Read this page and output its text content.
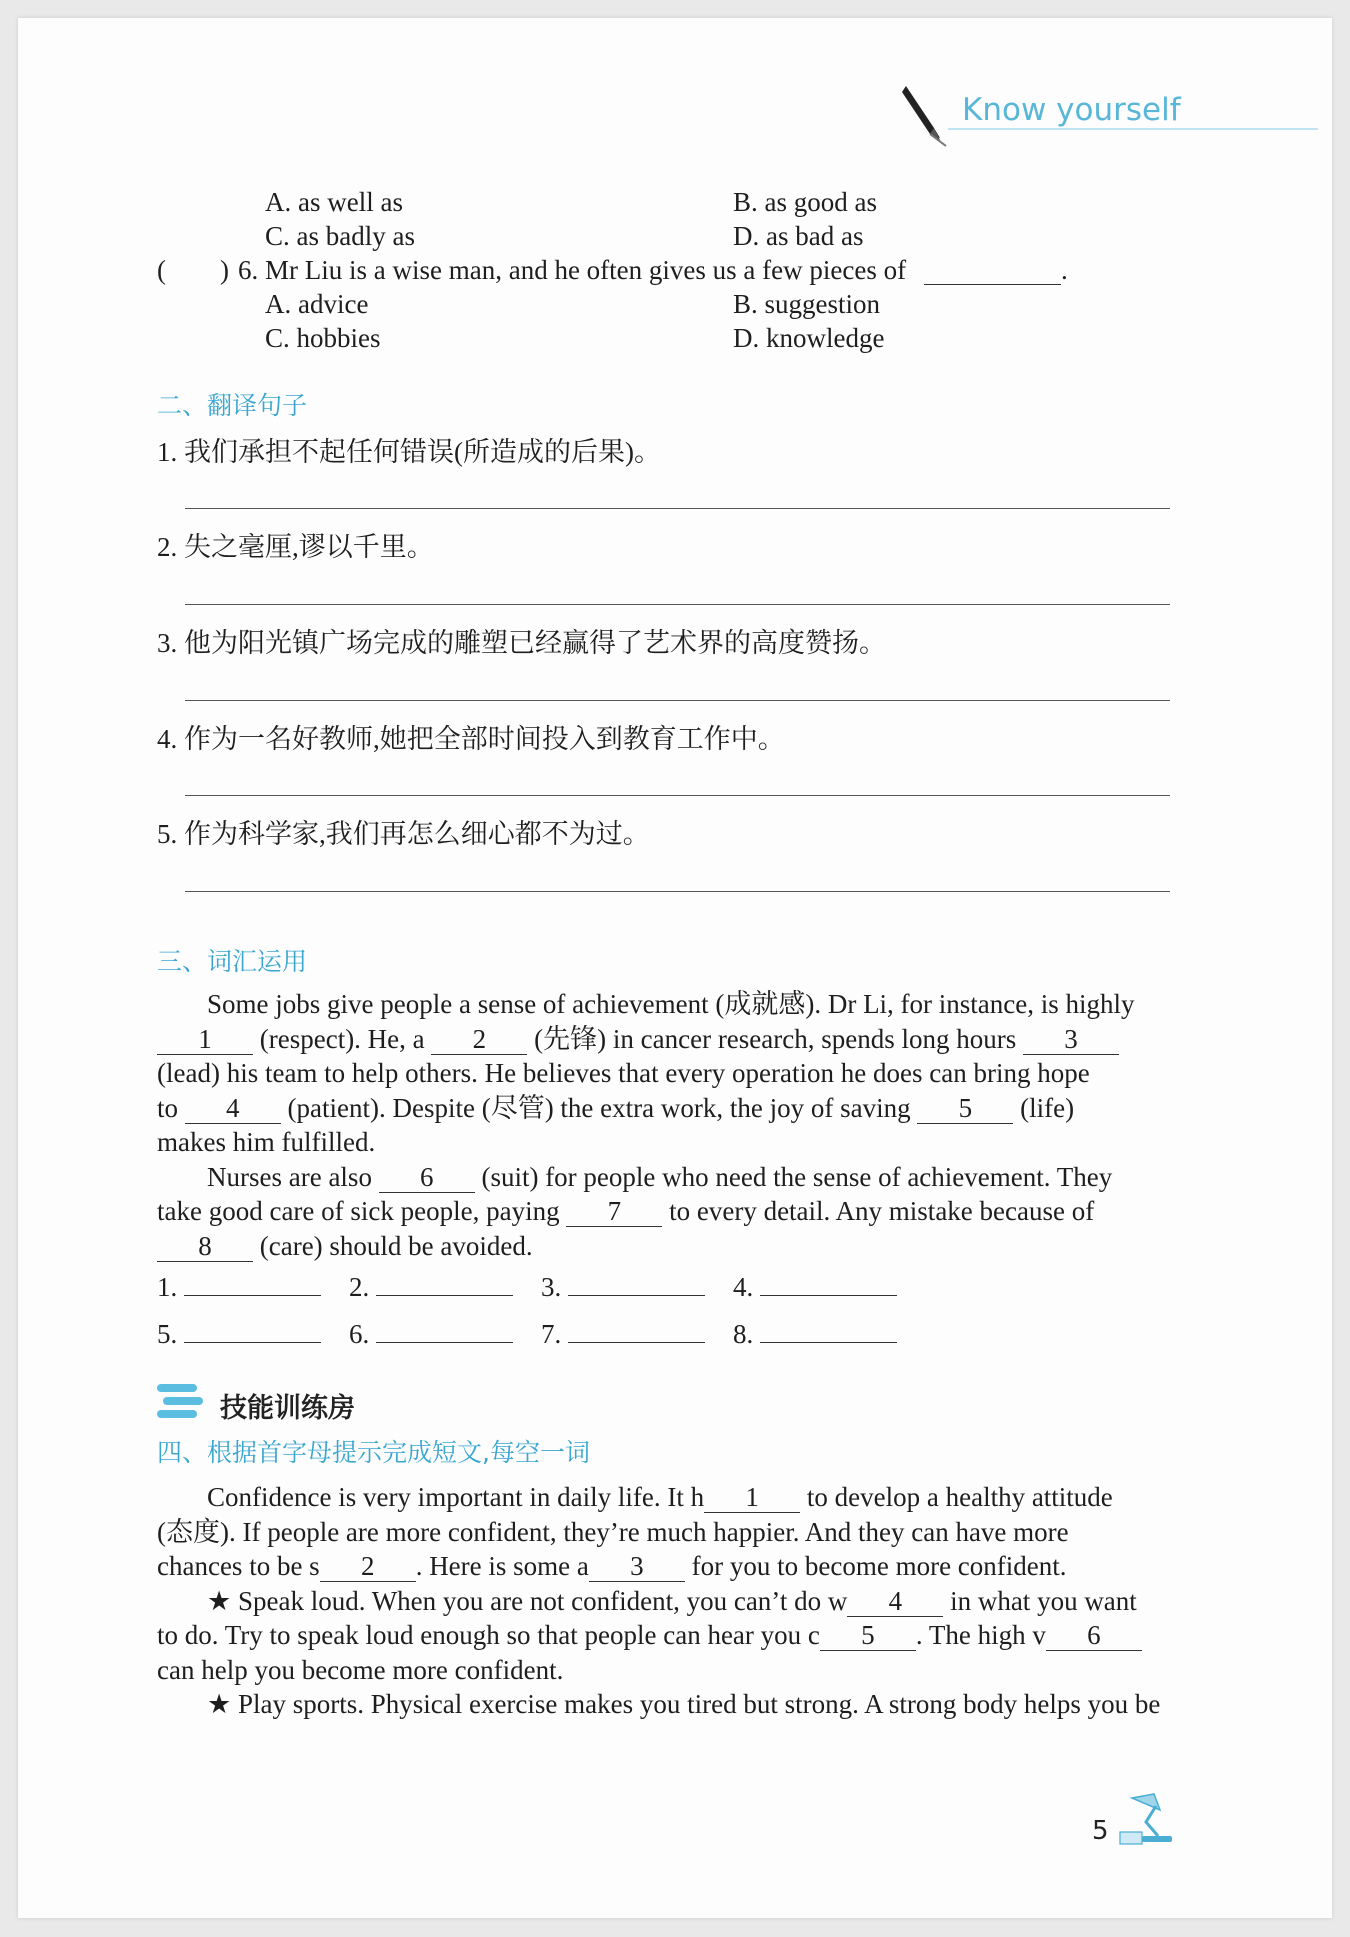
Know yourself
A. as well as	B. as good as
C. as badly as	D. as bad as
(        ) 6. Mr Liu is a wise man, and he often gives us a few pieces of	.
A. advice	B. suggestion
C. hobbies	D. knowledge
二、翻译句子
1. 我们承担不起任何错误(所造成的后果)。
2. 失之毫厘,谬以千里。
3. 他为阳光镇广场完成的雕塑已经赢得了艺术界的高度赞扬。
4. 作为一名好教师,她把全部时间投入到教育工作中。
5. 作为科学家,我们再怎么细心都不为过。
三、词汇运用
Some jobs give people a sense of achievement (成就感). Dr Li, for instance, is highly
1 (respect). He, a 2 (先锋) in cancer research, spends long hours 3
(lead) his team to help others. He believes that every operation he does can bring hope
to 4 (patient). Despite (尽管) the extra work, the joy of saving 5 (life)
makes him fulfilled.
Nurses are also 6 (suit) for people who need the sense of achievement. They
take good care of sick people, paying 7 to every detail. Any mistake because of
8 (care) should be avoided.
1.	2.	3.	4.
5.	6.	7.	8.
技能训练房
四、根据首字母提示完成短文,每空一词
Confidence is very important in daily life. It h 1 to develop a healthy attitude
(态度). If people are more confident, they’re much happier. And they can have more
chances to be s 2 . Here is some a 3 for you to become more confident.
★ Speak loud. When you are not confident, you can’t do w 4 in what you want
to do. Try to speak loud enough so that people can hear you c 5 . The high v 6
can help you become more confident.
★ Play sports. Physical exercise makes you tired but strong. A strong body helps you be
5
